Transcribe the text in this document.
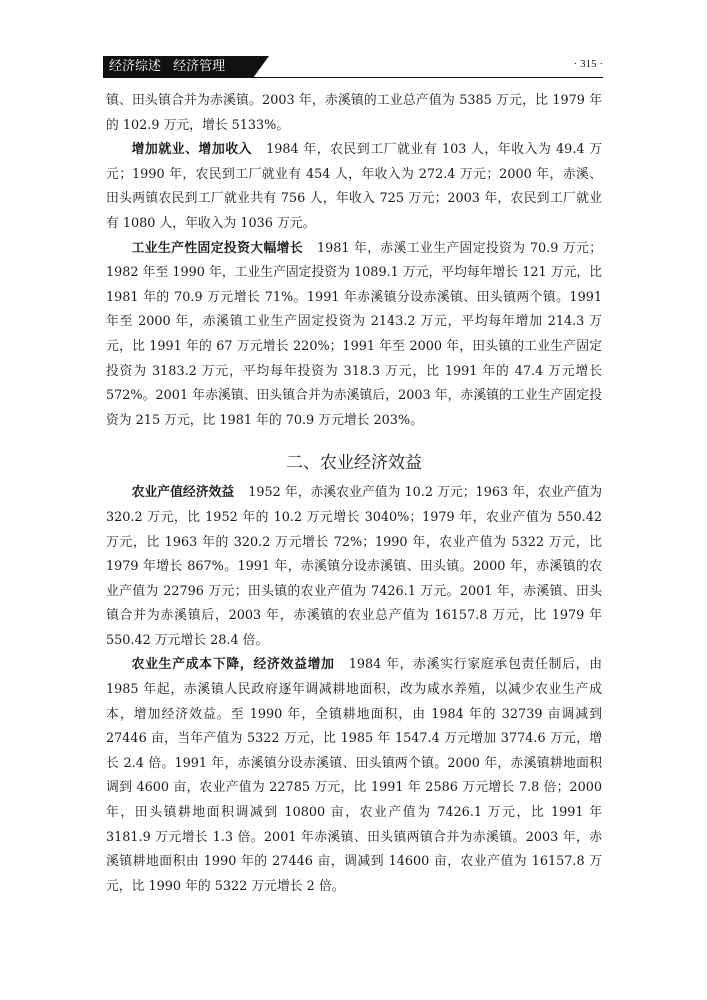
经济综述 经济管理	· 315 ·

镇、田头镇合并为赤溪镇。2003 年，赤溪镇的工业总产值为 5385 万元，比 1979 年的 102.9 万元，增长 5133%。

增加就业、增加收入 1984 年，农民到工厂就业有 103 人，年收入为 49.4 万元；1990 年，农民到工厂就业有 454 人，年收入为 272.4 万元；2000 年，赤溪、田头两镇农民到工厂就业共有 756 人，年收入 725 万元；2003 年，农民到工厂就业有 1080 人，年收入为 1036 万元。

工业生产性固定投资大幅增长 1981 年，赤溪工业生产固定投资为 70.9 万元；1982 年至 1990 年，工业生产固定投资为 1089.1 万元，平均每年增长 121 万元，比 1981 年的 70.9 万元增长 71%。1991 年赤溪镇分设赤溪镇、田头镇两个镇。1991 年至 2000 年，赤溪镇工业生产固定投资为 2143.2 万元，平均每年增加 214.3 万元，比 1991 年的 67 万元增长 220%；1991 年至 2000 年，田头镇的工业生产固定投资为 3183.2 万元，平均每年投资为 318.3 万元，比 1991 年的 47.4 万元增长 572%。2001 年赤溪镇、田头镇合并为赤溪镇后，2003 年，赤溪镇的工业生产固定投资为 215 万元，比 1981 年的 70.9 万元增长 203%。

二、农业经济效益

农业产值经济效益 1952 年，赤溪农业产值为 10.2 万元；1963 年，农业产值为 320.2 万元，比 1952 年的 10.2 万元增长 3040%；1979 年，农业产值为 550.42 万元，比 1963 年的 320.2 万元增长 72%；1990 年，农业产值为 5322 万元，比 1979 年增长 867%。1991 年，赤溪镇分设赤溪镇、田头镇。2000 年，赤溪镇的农业产值为 22796 万元；田头镇的农业产值为 7426.1 万元。2001 年，赤溪镇、田头镇合并为赤溪镇后，2003 年，赤溪镇的农业总产值为 16157.8 万元，比 1979 年 550.42 万元增长 28.4 倍。

农业生产成本下降，经济效益增加 1984 年，赤溪实行家庭承包责任制后，由 1985 年起，赤溪镇人民政府逐年调减耕地面积，改为咸水养殖，以减少农业生产成本，增加经济效益。至 1990 年，全镇耕地面积，由 1984 年的 32739 亩调减到 27446 亩，当年产值为 5322 万元，比 1985 年 1547.4 万元增加 3774.6 万元，增长 2.4 倍。1991 年，赤溪镇分设赤溪镇、田头镇两个镇。2000 年，赤溪镇耕地面积调到 4600 亩，农业产值为 22785 万元，比 1991 年 2586 万元增长 7.8 倍；2000 年，田头镇耕地面积调减到 10800 亩，农业产值为 7426.1 万元，比 1991 年 3181.9 万元增长 1.3 倍。2001 年赤溪镇、田头镇两镇合并为赤溪镇。2003 年，赤溪镇耕地面积由 1990 年的 27446 亩，调减到 14600 亩，农业产值为 16157.8 万元，比 1990 年的 5322 万元增长 2 倍。
